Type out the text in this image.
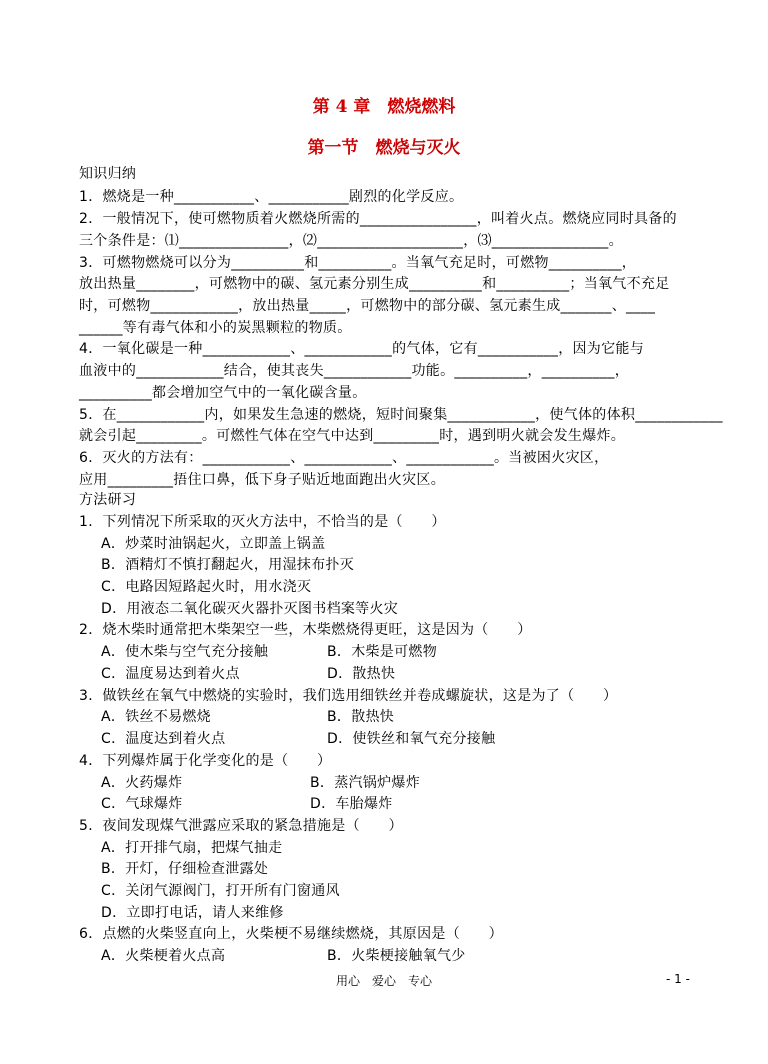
第 4 章　燃烧燃料
第一节　燃烧与灭火
知识归纳
1．燃烧是一种___________、___________剧烈的化学反应。
2．一般情况下，使可燃物质着火燃烧所需的________________，叫着火点。燃烧应同时具备的
三个条件是：⑴_______________，⑵____________________，⑶________________。
3．可燃物燃烧可以分为__________和__________。当氧气充足时，可燃物__________，
放出热量________，可燃物中的碳、氢元素分别生成__________和__________；当氧气不充足
时，可燃物____________，放出热量_____，可燃物中的部分碳、氢元素生成_______、____
______等有毒气体和小的炭黑颗粒的物质。
4．一氧化碳是一种____________、____________的气体，它有___________，因为它能与
血液中的____________结合，使其丧失____________功能。__________，__________，
__________都会增加空气中的一氧化碳含量。
5．在____________内，如果发生急速的燃烧，短时间聚集____________，使气体的体积____________
就会引起_________。可燃性气体在空气中达到_________时，遇到明火就会发生爆炸。
6．灭火的方法有：____________、____________、____________。当被困火灾区，
应用_________捂住口鼻，低下身子贴近地面跑出火灾区。
方法研习
1．下列情况下所采取的灭火方法中，不恰当的是（　　）
A．炒菜时油锅起火，立即盖上锅盖
B．酒精灯不慎打翻起火，用湿抹布扑灭
C．电路因短路起火时，用水浇灭
D．用液态二氧化碳灭火器扑灭图书档案等火灾
2．烧木柴时通常把木柴架空一些，木柴燃烧得更旺，这是因为（　　）
A．使木柴与空气充分接触	B．木柴是可燃物
C．温度易达到着火点	D．散热快
3．做铁丝在氧气中燃烧的实验时，我们选用细铁丝并卷成螺旋状，这是为了（　　）
A．铁丝不易燃烧	B．散热快
C．温度达到着火点	D．使铁丝和氧气充分接触
4．下列爆炸属于化学变化的是（　　）
A．火药爆炸	B．蒸汽锅炉爆炸
C．气球爆炸	D．车胎爆炸
5．夜间发现煤气泄露应采取的紧急措施是（　　）
A．打开排气扇，把煤气抽走
B．开灯，仔细检查泄露处
C．关闭气源阀门，打开所有门窗通风
D．立即打电话，请人来维修
6．点燃的火柴竖直向上，火柴梗不易继续燃烧，其原因是（　　）
A．火柴梗着火点高	B．火柴梗接触氧气少
用心　爱心　专心	- 1 -
